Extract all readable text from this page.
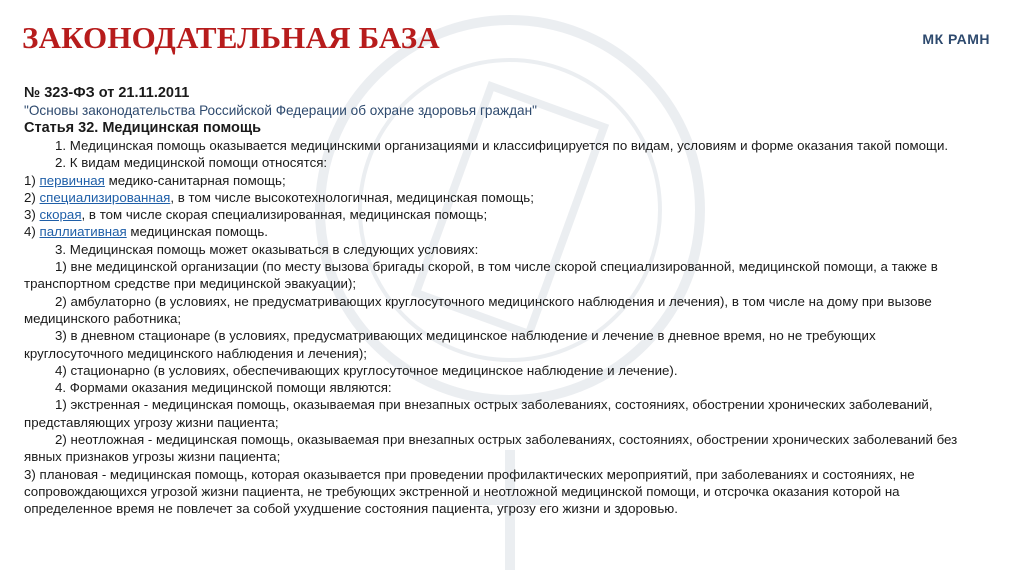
ЗАКОНОДАТЕЛЬНАЯ БАЗА	МК РАМН
№ 323-ФЗ от 21.11.2011
"Основы законодательства Российской Федерации об охране здоровья граждан"
Статья 32. Медицинская помощь

1. Медицинская помощь оказывается медицинскими организациями и классифицируется по видам, условиям и форме оказания такой помощи.

2. К видам медицинской помощи относятся:

1) первичная медико-санитарная помощь;

2) специализированная, в том числе высокотехнологичная, медицинская помощь;

3) скорая, в том числе скорая специализированная, медицинская помощь;

4) паллиативная медицинская помощь.

3. Медицинская помощь может оказываться в следующих условиях:

1) вне медицинской организации (по месту вызова бригады скорой, в том числе скорой специализированной, медицинской помощи, а также в

транспортном средстве при медицинской эвакуации);

2) амбулаторно (в условиях, не предусматривающих круглосуточного медицинского наблюдения и лечения), в том числе на дому при вызове

медицинского работника;

3) в дневном стационаре (в условиях, предусматривающих медицинское наблюдение и лечение в дневное время, но не требующих

круглосуточного медицинского наблюдения и лечения);

4) стационарно (в условиях, обеспечивающих круглосуточное медицинское наблюдение и лечение).

4. Формами оказания медицинской помощи являются:

1) экстренная - медицинская помощь, оказываемая при внезапных острых заболеваниях, состояниях, обострении хронических заболеваний,

представляющих угрозу жизни пациента;

2) неотложная - медицинская помощь, оказываемая при внезапных острых заболеваниях, состояниях, обострении хронических заболеваний без

явных признаков угрозы жизни пациента;

3) плановая - медицинская помощь, которая оказывается при проведении профилактических мероприятий, при заболеваниях и состояниях, не

сопровождающихся угрозой жизни пациента, не требующих экстренной и неотложной медицинской помощи, и отсрочка оказания которой на

определенное время не повлечет за собой ухудшение состояния пациента, угрозу его жизни и здоровью.
